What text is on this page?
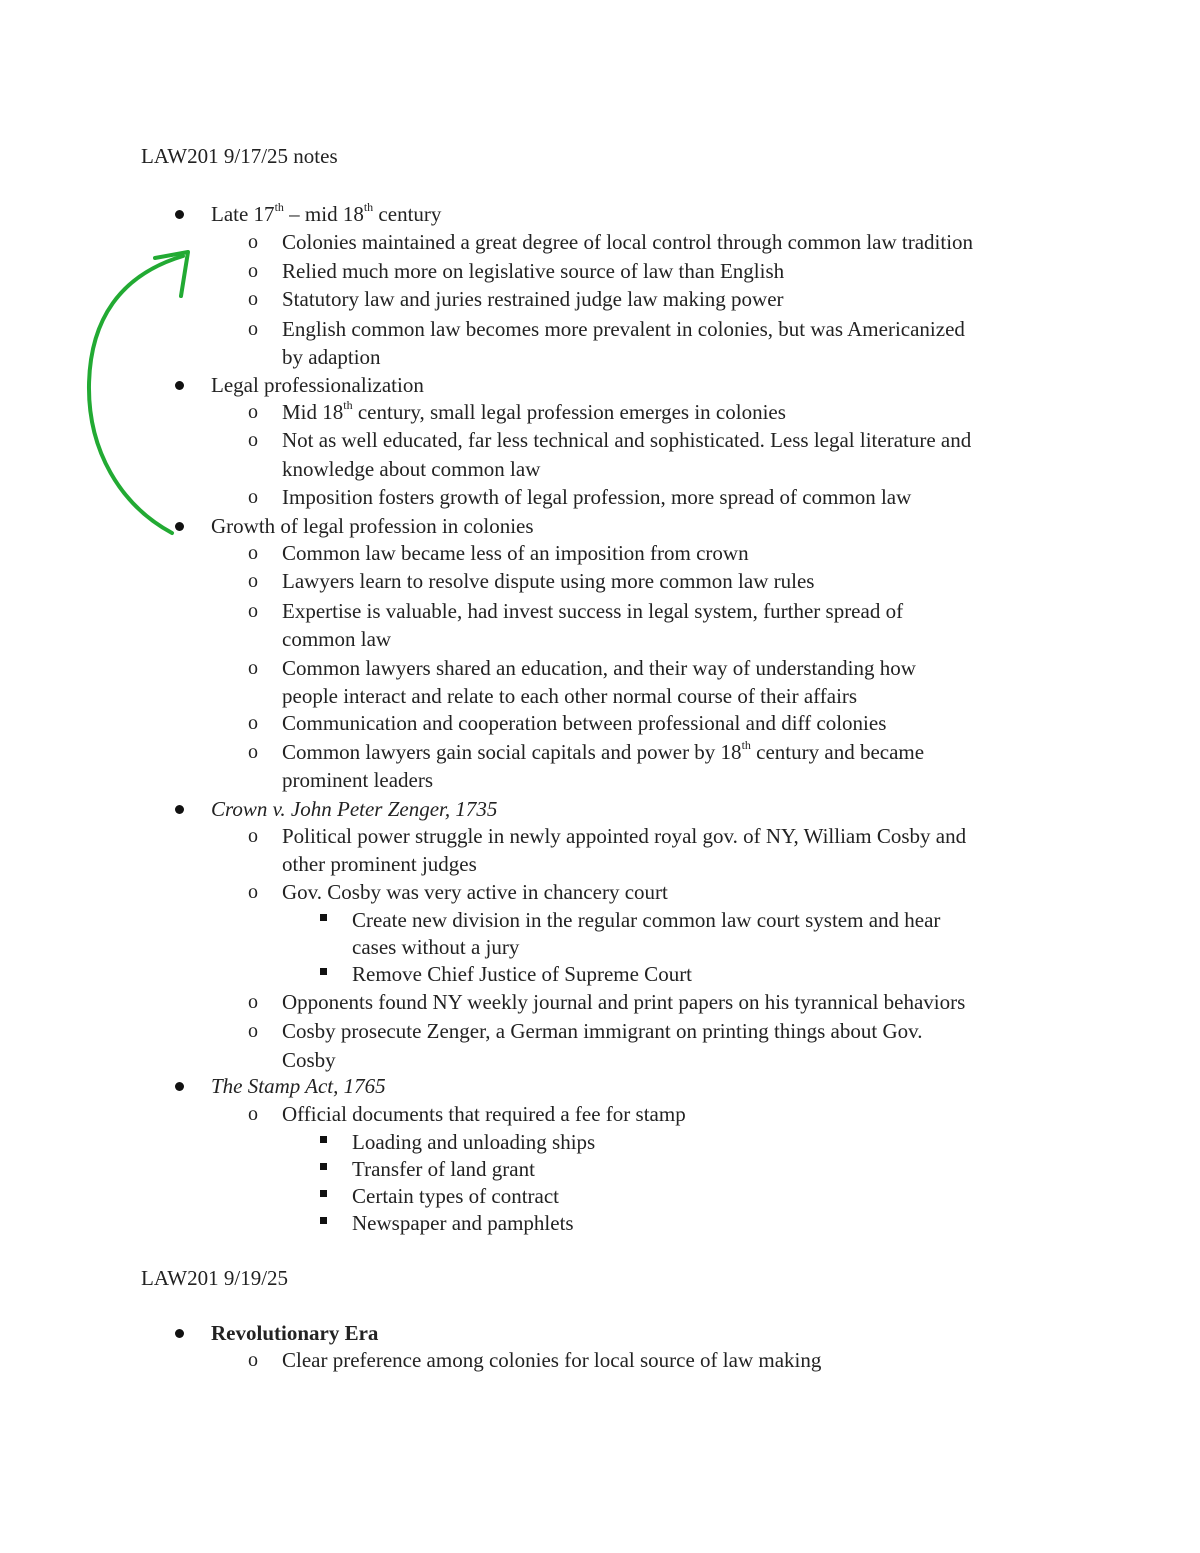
LAW201 9/17/25 notes
Late 17th – mid 18th century
o Colonies maintained a great degree of local control through common law tradition
o Relied much more on legislative source of law than English
o Statutory law and juries restrained judge law making power
o English common law becomes more prevalent in colonies, but was Americanized
by adaption
Legal professionalization
o Mid 18th century, small legal profession emerges in colonies
o Not as well educated, far less technical and sophisticated. Less legal literature and
knowledge about common law
o Imposition fosters growth of legal profession, more spread of common law
Growth of legal profession in colonies
o Common law became less of an imposition from crown
o Lawyers learn to resolve dispute using more common law rules
o Expertise is valuable, had invest success in legal system, further spread of
common law
o Common lawyers shared an education, and their way of understanding how
people interact and relate to each other normal course of their affairs
o Communication and cooperation between professional and diff colonies
o Common lawyers gain social capitals and power by 18th century and became
prominent leaders
Crown v. John Peter Zenger, 1735
o Political power struggle in newly appointed royal gov. of NY, William Cosby and
other prominent judges
o Gov. Cosby was very active in chancery court
Create new division in the regular common law court system and hear
cases without a jury
Remove Chief Justice of Supreme Court
o Opponents found NY weekly journal and print papers on his tyrannical behaviors
o Cosby prosecute Zenger, a German immigrant on printing things about Gov.
Cosby
The Stamp Act, 1765
o Official documents that required a fee for stamp
Loading and unloading ships
Transfer of land grant
Certain types of contract
Newspaper and pamphlets
LAW201 9/19/25
Revolutionary Era
o Clear preference among colonies for local source of law making
